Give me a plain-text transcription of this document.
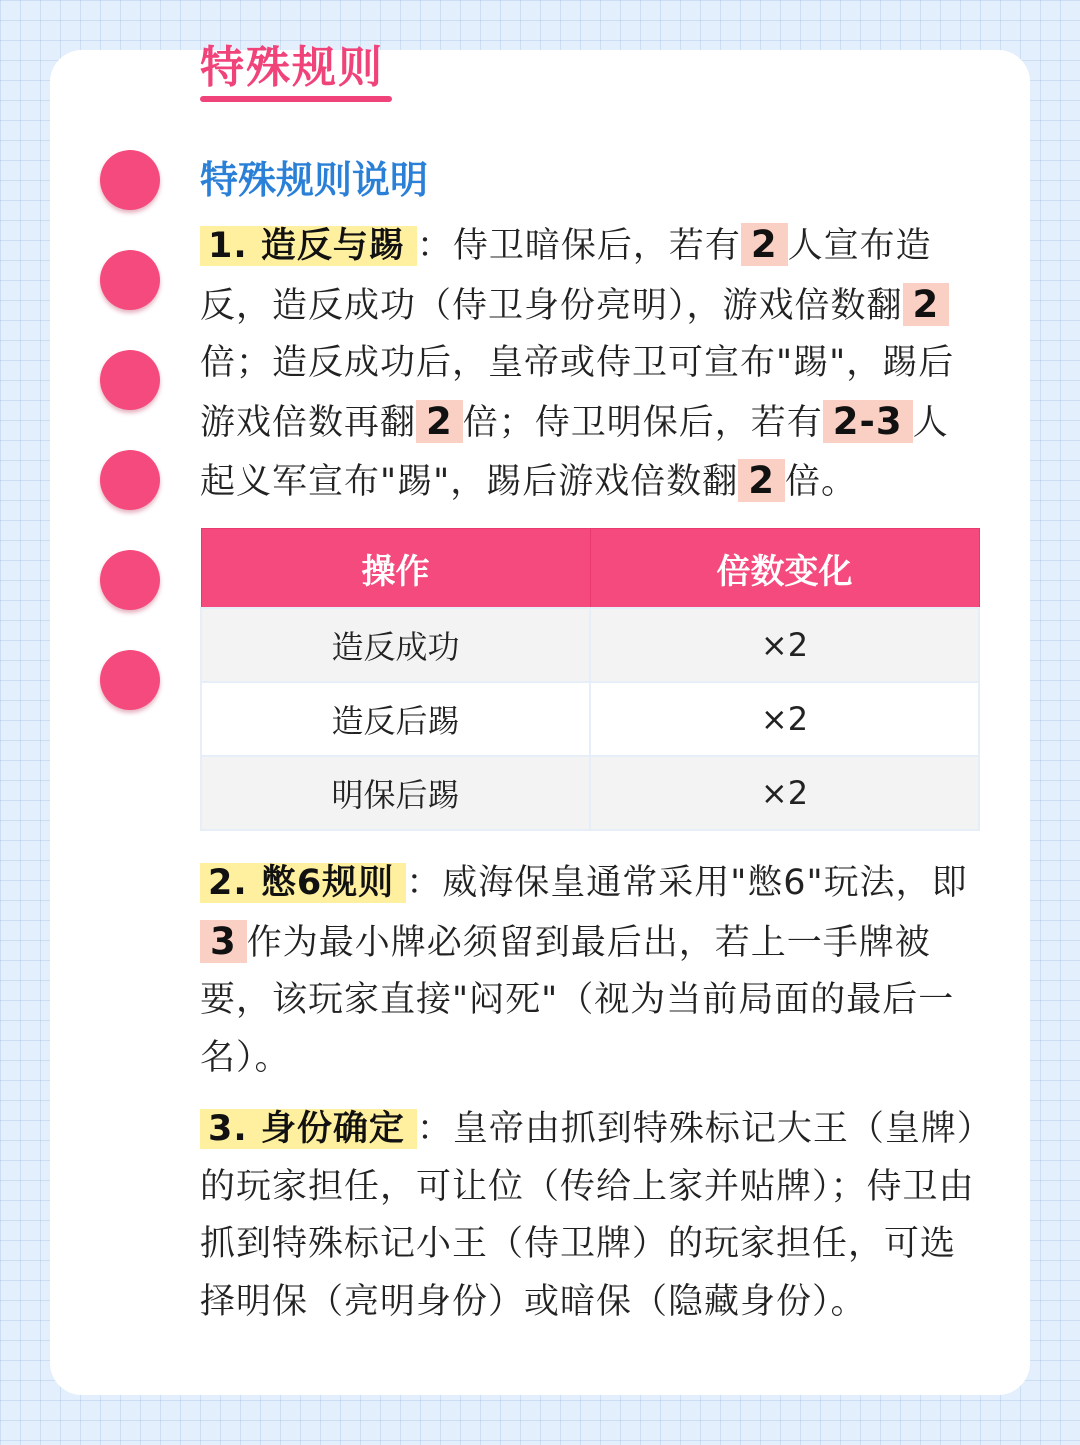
特殊规则
特殊规则说明

1. 造反与踢 ：侍卫暗保后，若有 2 人宣布造反，造反成功（侍卫身份亮明），游戏倍数翻 2倍；造反成功后，皇帝或侍卫可宣布"踢"，踢后游戏倍数再翻 2 倍；侍卫明保后，若有 2-3 人起义军宣布"踢"，踢后游戏倍数翻 2 倍。

操作	倍数变化
造反成功	×2
造反后踢	×2
明保后踢	×2

2. 憋6规则 ：威海保皇通常采用"憋6"玩法，即3 作为最小牌必须留到最后出，若上一手牌被要，该玩家直接"闷死"（视为当前局面的最后一名）。

3. 身份确定 ：皇帝由抓到特殊标记大王（皇牌）的玩家担任，可让位（传给上家并贴牌）；侍卫由抓到特殊标记小王（侍卫牌）的玩家担任，可选择明保（亮明身份）或暗保（隐藏身份）。
